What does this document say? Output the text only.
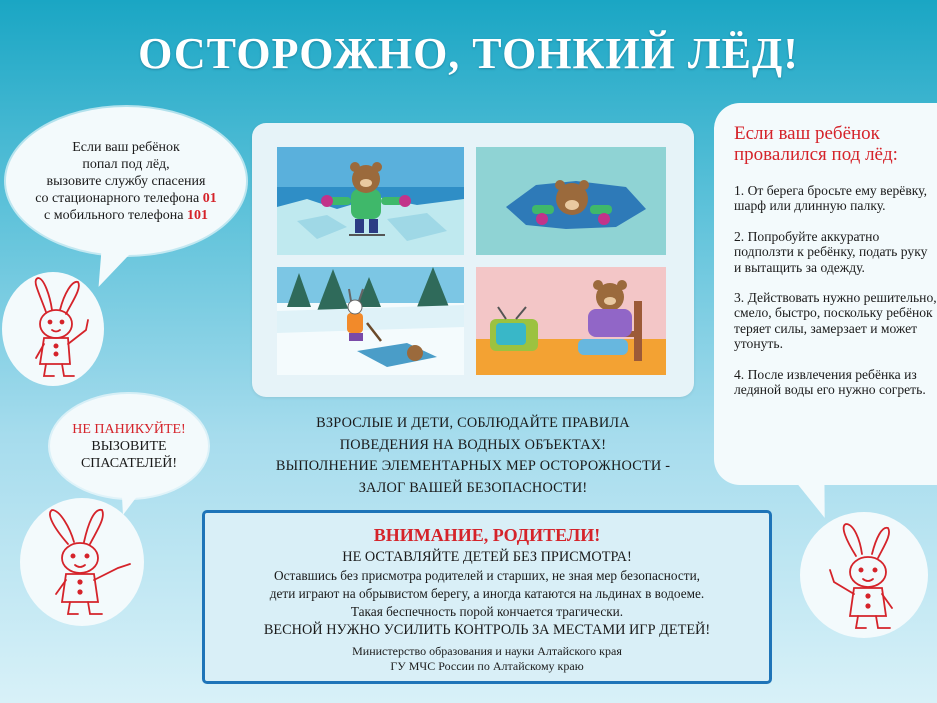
ОСТОРОЖНО, ТОНКИЙ ЛЁД!
Если ваш ребёнок
попал под лёд,
вызовите службу спасения
со стационарного телефона 01
с мобильного телефона 101
НЕ ПАНИКУЙТЕ!
ВЫЗОВИТЕ
СПАСАТЕЛЕЙ!
Если ваш ребёнок
провалился под лёд:

1. От берега бросьте ему верёвку, шарф или длинную палку.

2. Попробуйте аккуратно подползти к ребёнку, подать руку и вытащить за одежду.

3. Действовать нужно решительно, смело, быстро, поскольку ребёнок теряет силы, замерзает и может утонуть.

4. После извлечения ребёнка из ледяной воды его нужно согреть.

ВЗРОСЛЫЕ И ДЕТИ, СОБЛЮДАЙТЕ ПРАВИЛА
ПОВЕДЕНИЯ НА ВОДНЫХ ОБЪЕКТАХ!
ВЫПОЛНЕНИЕ ЭЛЕМЕНТАРНЫХ МЕР ОСТОРОЖНОСТИ -
ЗАЛОГ ВАШЕЙ БЕЗОПАСНОСТИ!
ВНИМАНИЕ, РОДИТЕЛИ!
НЕ ОСТАВЛЯЙТЕ ДЕТЕЙ БЕЗ ПРИСМОТРА!
Оставшись без присмотра родителей и старших, не зная мер безопасности,
дети играют на обрывистом берегу, а иногда катаются на льдинах в водоеме.
Такая беспечность порой кончается трагически.
ВЕСНОЙ НУЖНО УСИЛИТЬ КОНТРОЛЬ ЗА МЕСТАМИ ИГР ДЕТЕЙ!
Министерство образования и науки Алтайского края
ГУ МЧС России по Алтайскому краю
